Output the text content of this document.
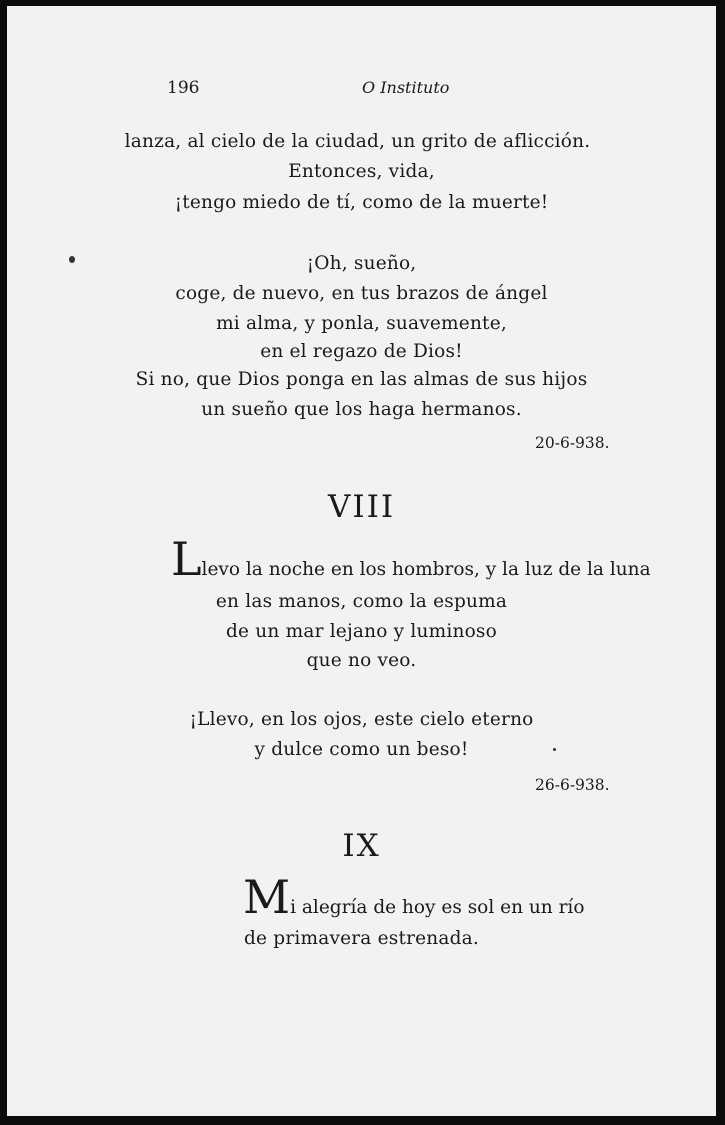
196	O Instituto
lanza, al cielo de la ciudad, un grito de aflicción.
Entonces, vida,
¡tengo miedo de tí, como de la muerte!
¡Oh, sueño,
coge, de nuevo, en tus brazos de ángel
mi alma, y ponla, suavemente,
en el regazo de Dios!
Si no, que Dios ponga en las almas de sus hijos
un sueño que los haga hermanos.
20-6-938.
VIII
Llevo la noche en los hombros, y la luz de la luna
en las manos, como la espuma
de un mar lejano y luminoso
que no veo.
¡Llevo, en los ojos, este cielo eterno
y dulce como un beso!
26-6-938.
IX
Mi alegría de hoy es sol en un río
de primavera estrenada.
